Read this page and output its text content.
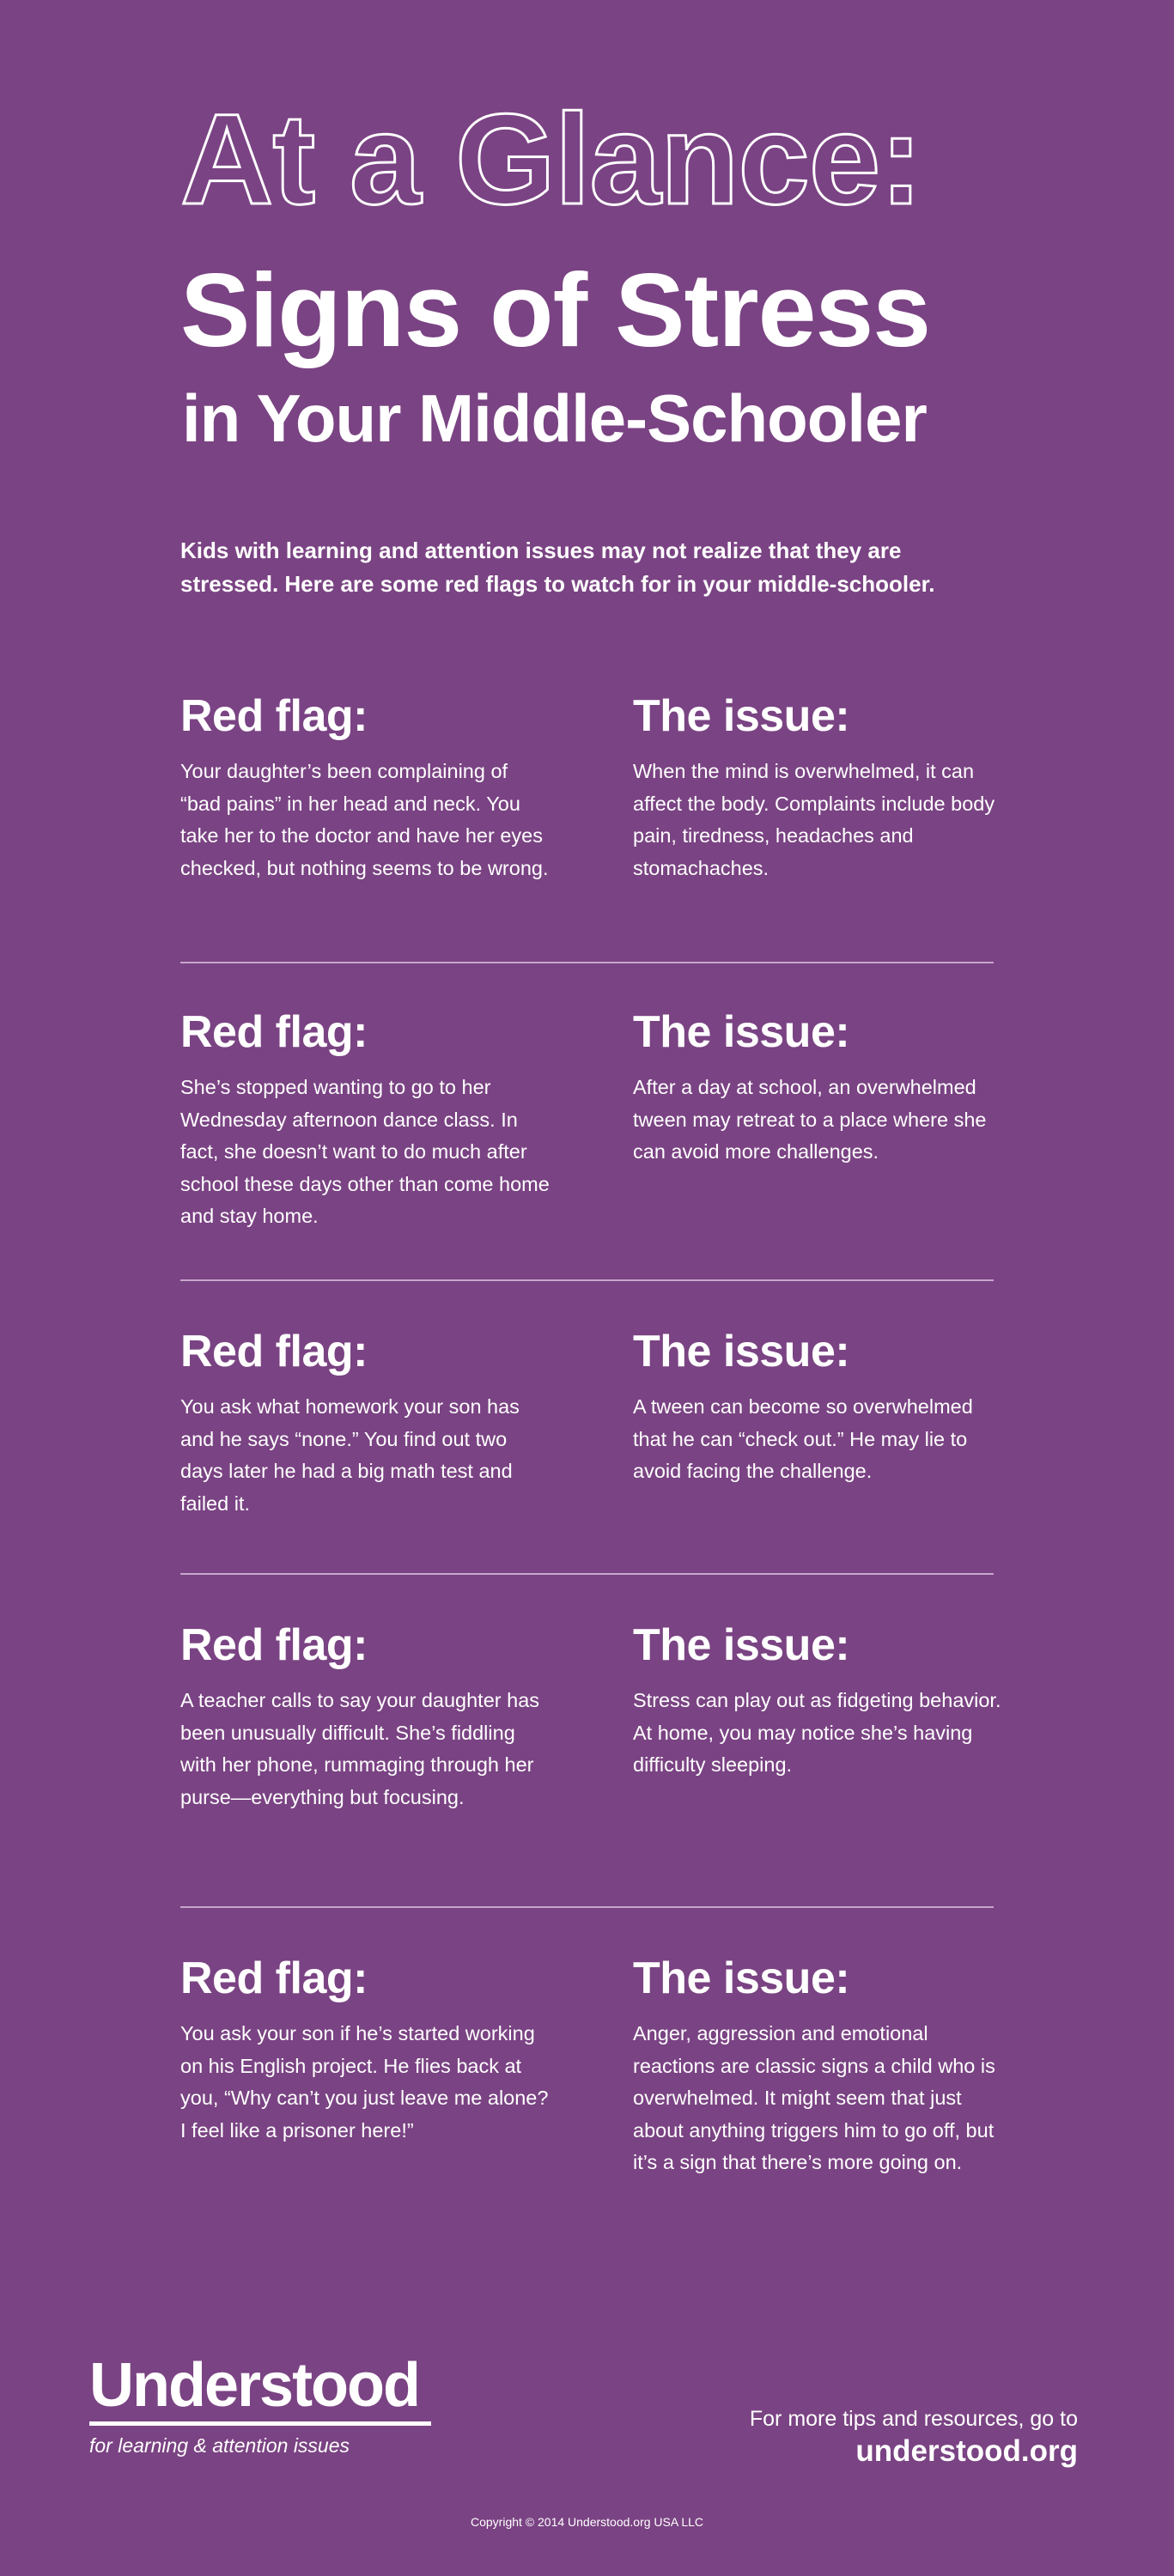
At a Glance:
Signs of Stress
in Your Middle-Schooler

Kids with learning and attention issues may not realize that they are stressed. Here are some red flags to watch for in your middle-schooler.

Red flag:
Your daughter’s been complaining of “bad pains” in her head and neck. You take her to the doctor and have her eyes checked, but nothing seems to be wrong.
The issue:
When the mind is overwhelmed, it can affect the body. Complaints include body pain, tiredness, headaches and stomachaches.
Red flag:
She’s stopped wanting to go to her Wednesday afternoon dance class. In fact, she doesn’t want to do much after school these days other than come home and stay home.
The issue:
After a day at school, an overwhelmed tween may retreat to a place where she can avoid more challenges.
Red flag:
You ask what homework your son has and he says “none.” You find out two days later he had a big math test and failed it.
The issue:
A tween can become so overwhelmed that he can “check out.” He may lie to avoid facing the challenge.
Red flag:
A teacher calls to say your daughter has been unusually difficult. She’s fiddling with her phone, rummaging through her purse—everything but focusing.
The issue:
Stress can play out as fidgeting behavior. At home, you may notice she’s having difficulty sleeping.
Red flag:
You ask your son if he’s started working on his English project. He flies back at you, “Why can’t you just leave me alone? I feel like a prisoner here!”
The issue:
Anger, aggression and emotional reactions are classic signs a child who is overwhelmed. It might seem that just about anything triggers him to go off, but it’s a sign that there’s more going on.
Understood
for learning & attention issues
For more tips and resources, go to
understood.org
Copyright © 2014 Understood.org USA LLC
